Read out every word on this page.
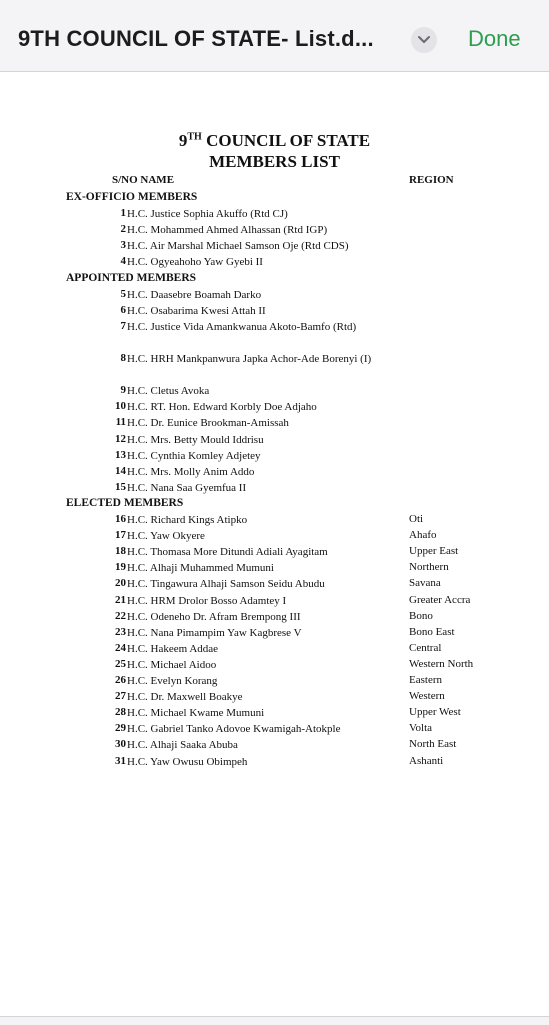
9TH COUNCIL OF STATE- List.d...	Done
9TH COUNCIL OF STATE
MEMBERS LIST
S/NO NAME	REGION
EX-OFFICIO MEMBERS
1 H.C. Justice Sophia Akuffo (Rtd CJ)
2 H.C. Mohammed Ahmed Alhassan (Rtd IGP)
3 H.C. Air Marshal Michael Samson Oje (Rtd CDS)
4 H.C. Ogyeahoho Yaw Gyebi II
APPOINTED MEMBERS
5 H.C. Daasebre Boamah Darko
6 H.C. Osabarima Kwesi Attah II
7 H.C. Justice Vida Amankwanua Akoto-Bamfo (Rtd)
8 H.C. HRH Mankpanwura Japka Achor-Ade Borenyi (I)
9 H.C. Cletus Avoka
10 H.C. RT. Hon. Edward Korbly Doe Adjaho
11 H.C. Dr. Eunice Brookman-Amissah
12 H.C. Mrs. Betty Mould Iddrisu
13 H.C. Cynthia Komley Adjetey
14 H.C. Mrs. Molly Anim Addo
15 H.C. Nana Saa Gyemfua II
ELECTED MEMBERS
16 H.C. Richard Kings Atipko	Oti
17 H.C. Yaw Okyere	Ahafo
18 H.C. Thomasa More Ditundi Adiali Ayagitam	Upper East
19 H.C. Alhaji Muhammed Mumuni	Northern
20 H.C. Tingawura Alhaji Samson Seidu Abudu	Savana
21 H.C. HRM Drolor Bosso Adamtey I	Greater Accra
22 H.C. Odeneho Dr. Afram Brempong III	Bono
23 H.C. Nana Pimampim Yaw Kagbrese V	Bono East
24 H.C. Hakeem Addae	Central
25 H.C. Michael Aidoo	Western North
26 H.C. Evelyn Korang	Eastern
27 H.C. Dr. Maxwell Boakye	Western
28 H.C. Michael Kwame Mumuni	Upper West
29 H.C. Gabriel Tanko Adovoe Kwamigah-Atokple	Volta
30 H.C. Alhaji Saaka Abuba	North East
31 H.C. Yaw Owusu Obimpeh	Ashanti
